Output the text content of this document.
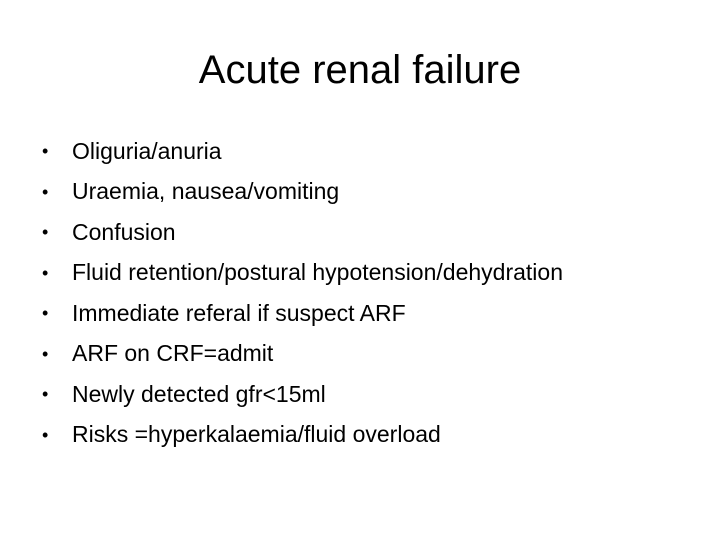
Acute renal failure
•	Oliguria/anuria
•	Uraemia, nausea/vomiting
•	Confusion
•	Fluid retention/postural hypotension/dehydration
•	Immediate referal if suspect ARF
•	ARF on CRF=admit
•	Newly detected gfr<15ml
•	Risks =hyperkalaemia/fluid overload
